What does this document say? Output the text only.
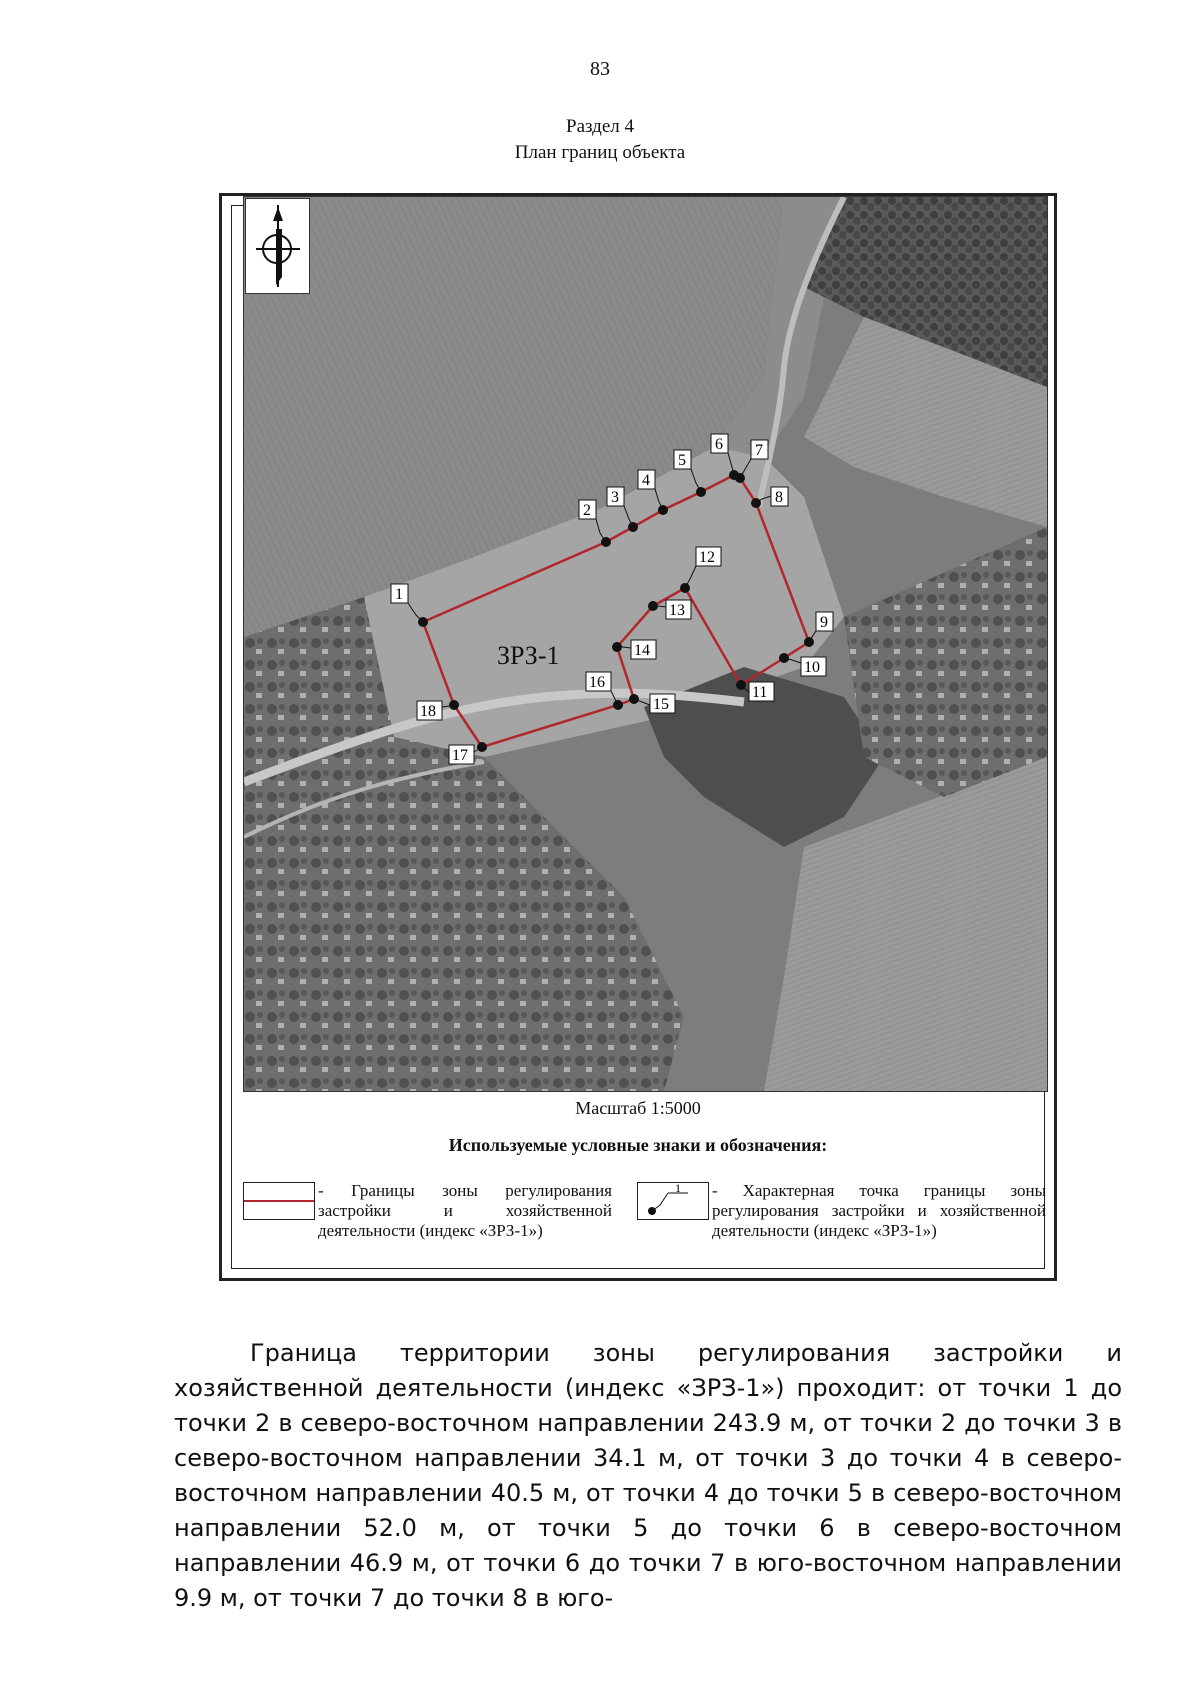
83
Раздел 4
План границ объекта
ЗРЗ-1
1
2
3
4
5
6 7
8
9
10
11
12
13
14
15
16
17
18
Масштаб 1:5000
Используемые условные знаки и обозначения:
- Границы зоны регулирования застройки и хозяйственной деятельности (индекс «ЗРЗ-1»)
1 - Характерная точка границы зоны регулирования застройки и хозяйственной деятельности (индекс «ЗРЗ-1»)

Граница территории зоны регулирования застройки и хозяйственной деятельности (индекс «ЗРЗ-1») проходит: от точки 1 до точки 2 в северо-восточном направлении 243.9 м, от точки 2 до точки 3 в северо-восточном направлении 34.1 м, от точки 3 до точки 4 в северо-восточном направлении 40.5 м, от точки 4 до точки 5 в северо-восточном направлении 52.0 м, от точки 5 до точки 6 в северо-восточном направлении 46.9 м, от точки 6 до точки 7 в юго-восточном направлении 9.9 м, от точки 7 до точки 8 в юго-
